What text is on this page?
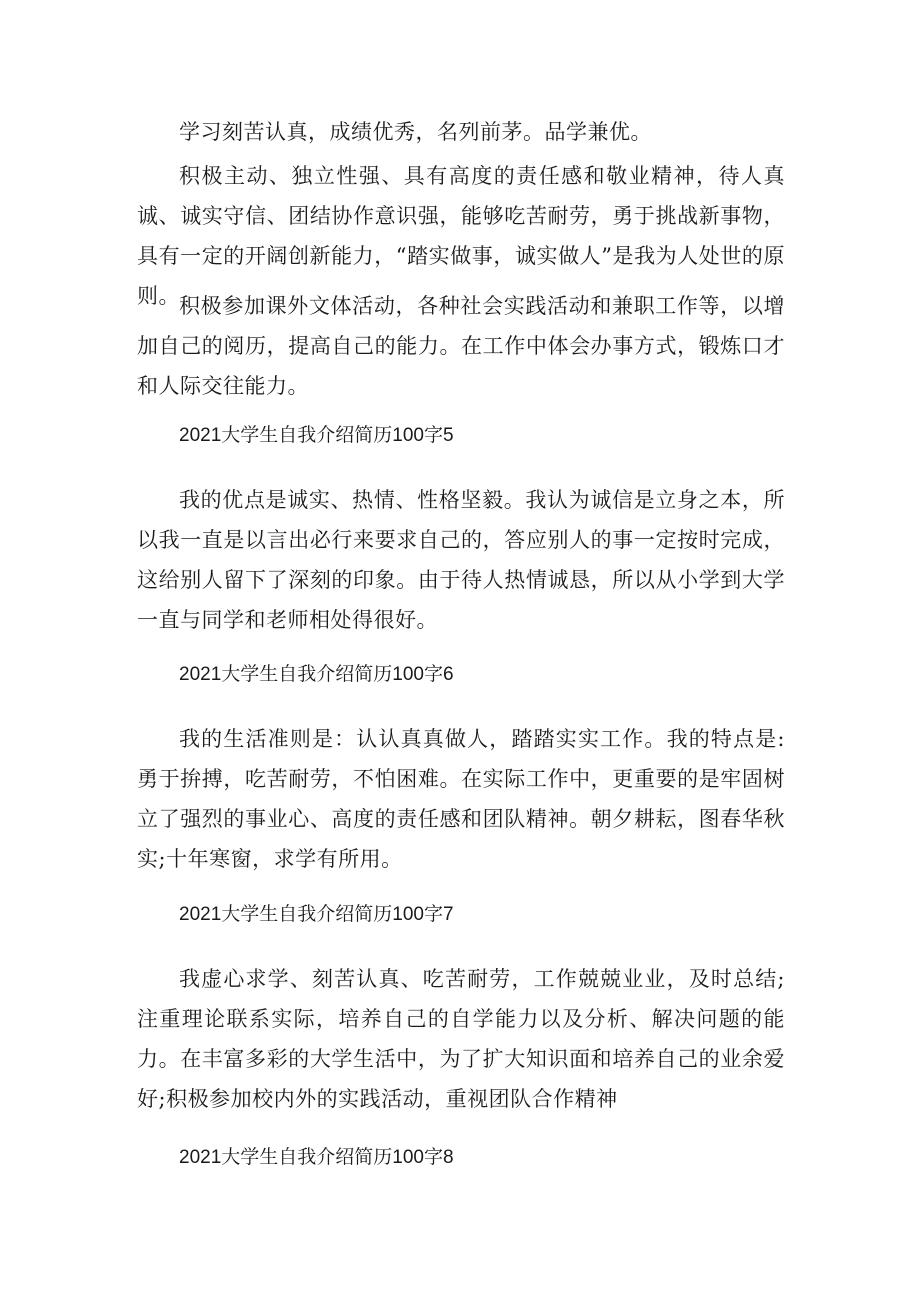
学习刻苦认真，成绩优秀，名列前茅。品学兼优。

积极主动、独立性强、具有高度的责任感和敬业精神，待人真诚、诚实守信、团结协作意识强，能够吃苦耐劳，勇于挑战新事物，具有一定的开阔创新能力，“踏实做事，诚实做人”是我为人处世的原则。 积极参加课外文体活动，各种社会实践活动和兼职工作等，以增加自己的阅历，提高自己的能力。在工作中体会办事方式，锻炼口才和人际交往能力。

2021大学生自我介绍简历100字5

我的优点是诚实、热情、性格坚毅。我认为诚信是立身之本，所以我一直是以言出必行来要求自己的，答应别人的事一定按时完成，这给别人留下了深刻的印象。由于待人热情诚恳，所以从小学到大学一直与同学和老师相处得很好。

2021大学生自我介绍简历100字6

我的生活准则是：认认真真做人，踏踏实实工作。我的特点是:勇于拚搏，吃苦耐劳，不怕困难。在实际工作中，更重要的是牢固树立了强烈的事业心、高度的责任感和团队精神。朝夕耕耘，图春华秋实;十年寒窗，求学有所用。

2021大学生自我介绍简历100字7

我虚心求学、刻苦认真、吃苦耐劳，工作兢兢业业，及时总结;注重理论联系实际，培养自己的自学能力以及分析、解决问题的能力。在丰富多彩的大学生活中，为了扩大知识面和培养自己的业余爱好;积极参加校内外的实践活动，重视团队合作精神

2021大学生自我介绍简历100字8
